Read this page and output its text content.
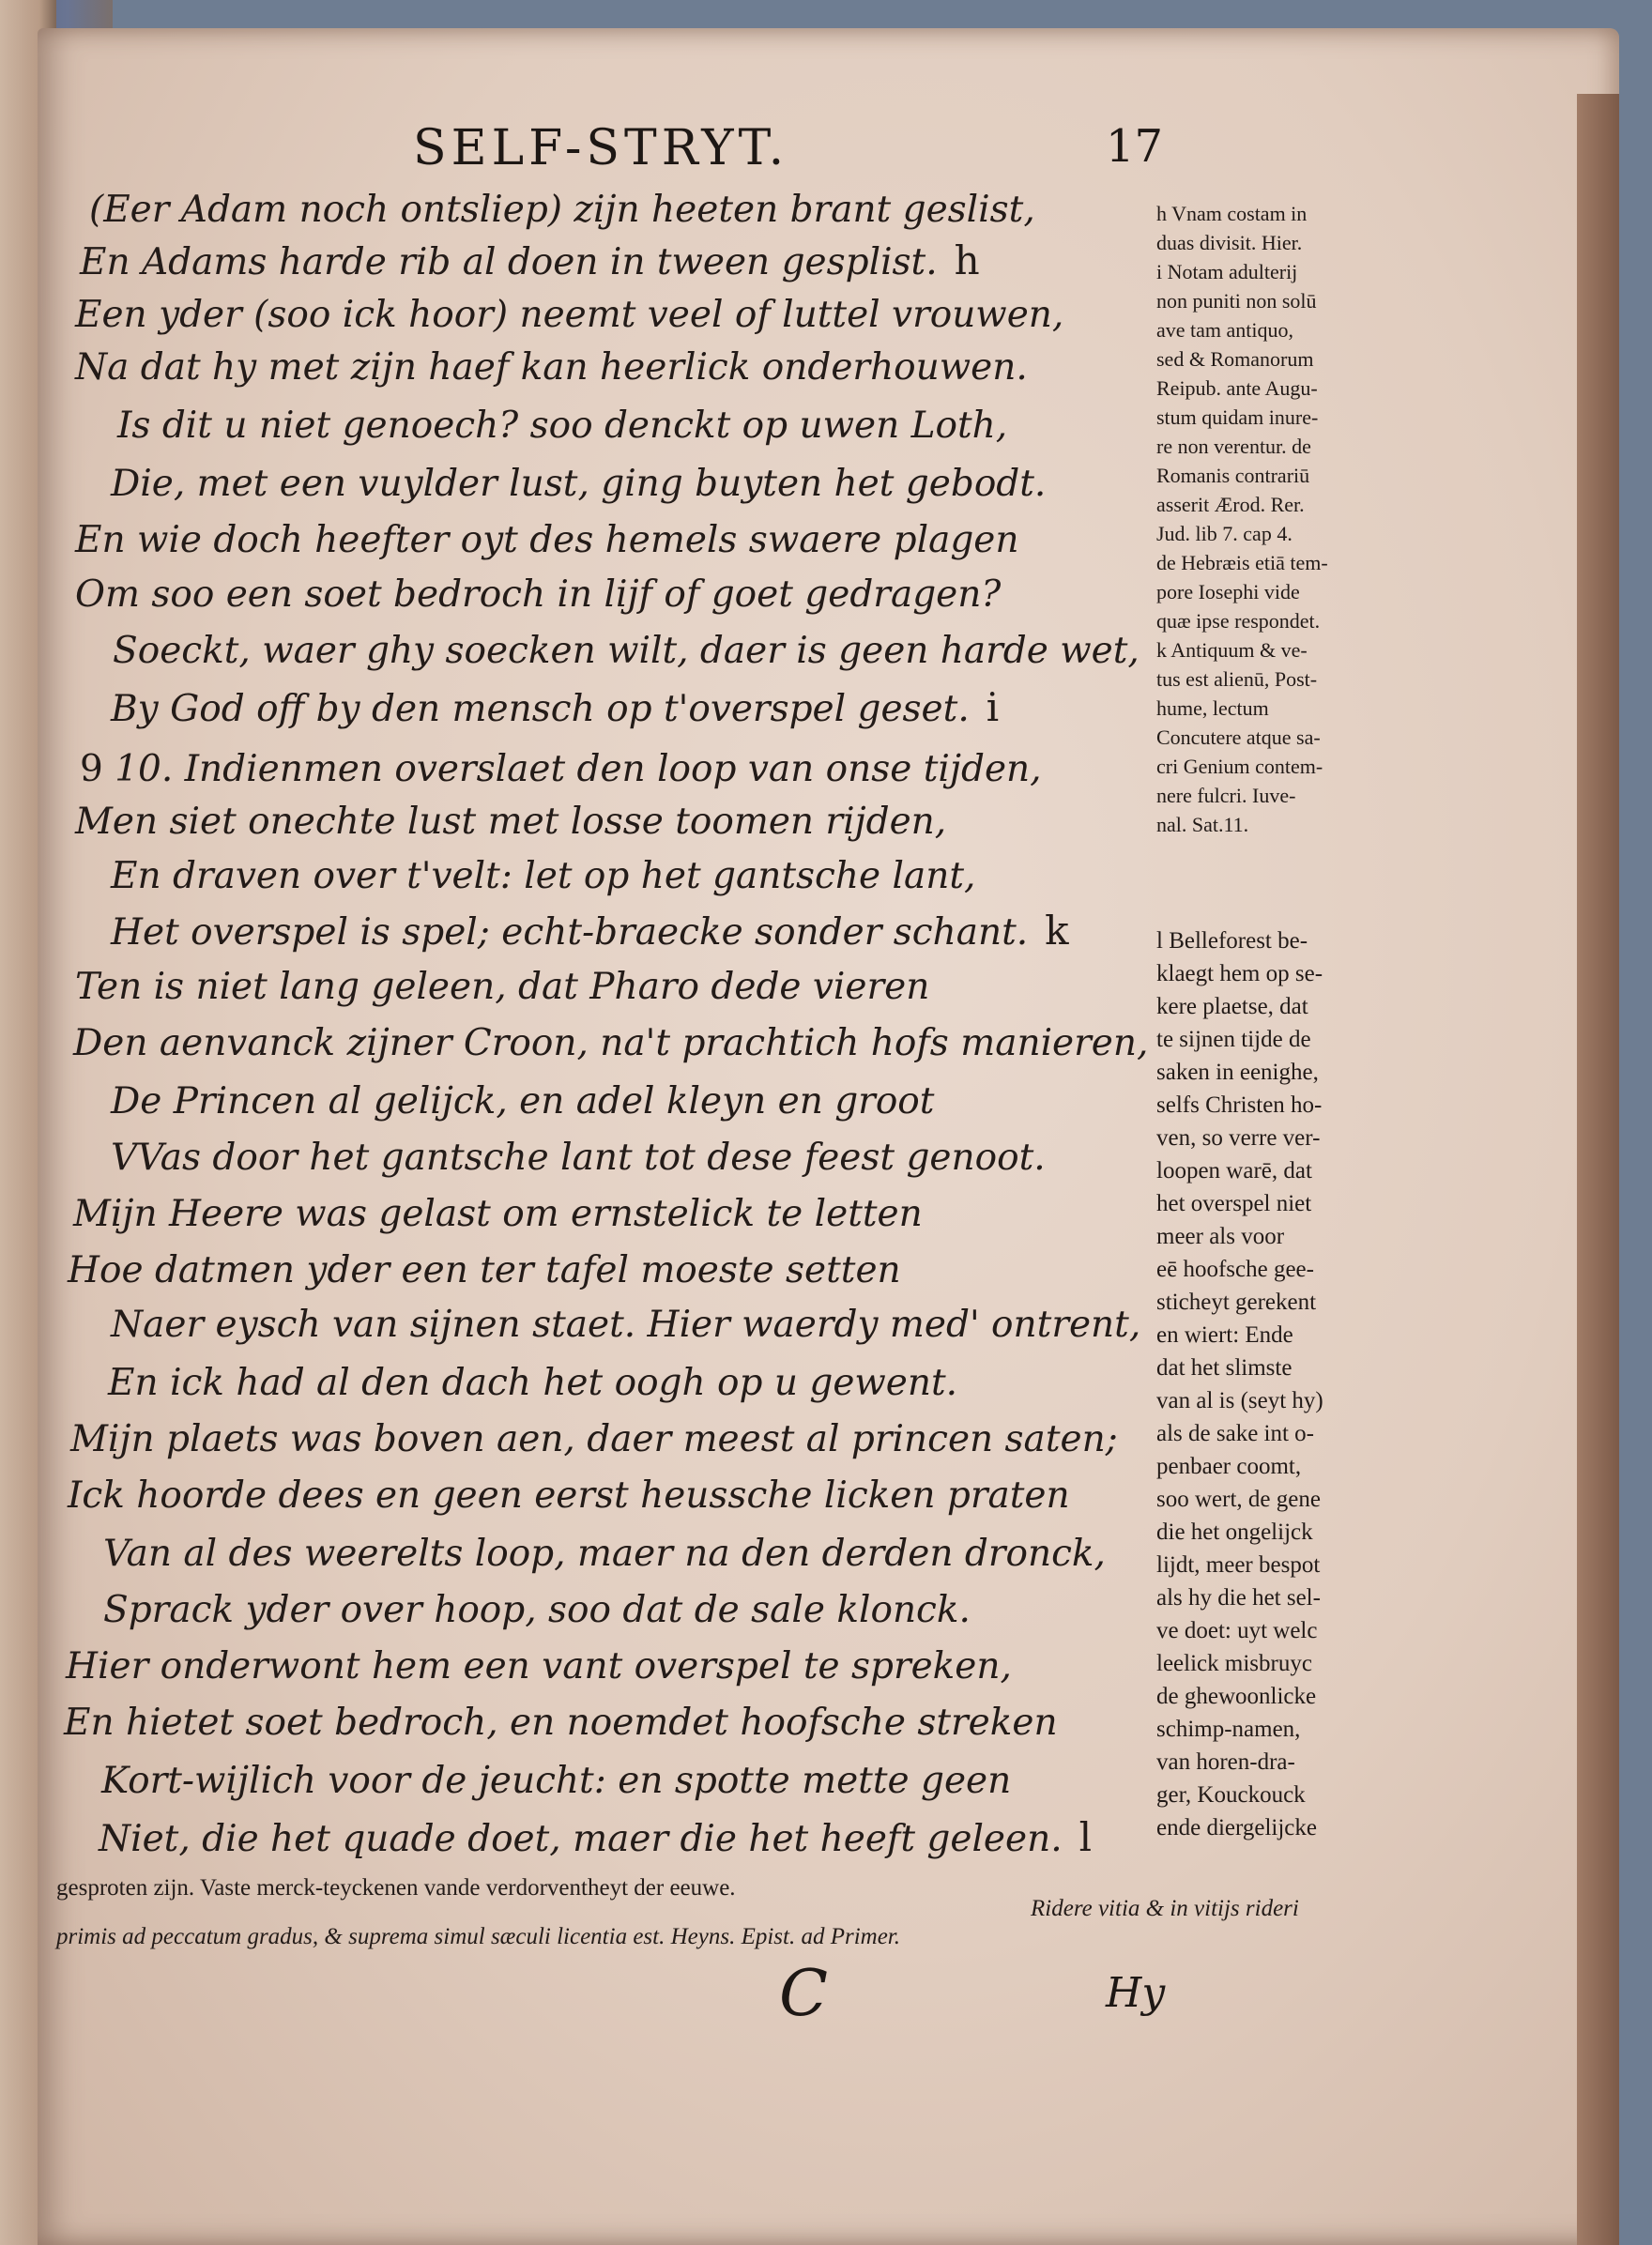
SELF-STRYT.	17
(Eer Adam noch ontsliep) zijn heeten brant geslist,
En Adams harde rib al doen in tween gesplist. h
Een yder (soo ick hoor) neemt veel of luttel vrouwen,
Na dat hy met zijn haef kan heerlick onderhouwen.
Is dit u niet genoech? soo denckt op uwen Loth,
Die, met een vuylder lust, ging buyten het gebodt.
En wie doch heefter oyt des hemels swaere plagen
Om soo een soet bedroch in lijf of goet gedragen?
Soeckt, waer ghy soecken wilt, daer is geen harde wet,
By God off by den mensch op t'overspel geset. i
9 10. Indienmen overslaet den loop van onse tijden,
Men siet onechte lust met losse toomen rijden,
En draven over t'velt: let op het gantsche lant,
Het overspel is spel; echt-braecke sonder schant. k
Ten is niet lang geleen, dat Pharo dede vieren
Den aenvanck zijner Croon, na't prachtich hofs manieren,
De Princen al gelijck, en adel kleyn en groot
VVas door het gantsche lant tot dese feest genoot.
Mijn Heere was gelast om ernstelick te letten
Hoe datmen yder een ter tafel moeste setten
Naer eysch van sijnen staet. Hier waerdy med' ontrent,
En ick had al den dach het oogh op u gewent.
Mijn plaets was boven aen, daer meest al princen saten;
Ick hoorde dees en geen eerst heussche licken praten
Van al des weerelts loop, maer na den derden dronck,
Sprack yder over hoop, soo dat de sale klonck.
Hier onderwont hem een vant overspel te spreken,
En hietet soet bedroch, en noemdet hoofsche streken
Kort-wijlich voor de jeucht: en spotte mette geen
Niet, die het quade doet, maer die het heeft geleen. l
h Vnam costam in
duas divisit. Hier.
i Notam adulterij
non puniti non solū
ave tam antiquo,
sed & Romanorum
Reipub. ante Augu-
stum quidam inure-
re non verentur. de
Romanis contrariū
asserit Ærod. Rer.
Jud. lib 7. cap 4.
de Hebræis etiā tem-
pore Iosephi vide
quæ ipse respondet.
k Antiquum & ve-
tus est alienū, Post-
hume, lectum
Concutere atque sa-
cri Genium contem-
nere fulcri. Iuve-
nal. Sat.11.
l Belleforest be-
klaegt hem op se-
kere plaetse, dat
te sijnen tijde de
saken in eenighe,
selfs Christen ho-
ven, so verre ver-
loopen warē, dat
het overspel niet
meer als voor
eē hoofsche gee-
sticheyt gerekent
en wiert: Ende
dat het slimste
van al is (seyt hy)
als de sake int o-
penbaer coomt,
soo wert, de gene
die het ongelijck
lijdt, meer bespot
als hy die het sel-
ve doet: uyt welc
leelick misbruyc
de ghewoonlicke
schimp-namen,
van horen-dra-
ger, Kouckouck
ende diergelijcke
gesproten zijn. Vaste merck-teyckenen vande verdorventheyt der eeuwe.
Ridere vitia & in vitijs rideri
primis ad peccatum gradus, & suprema simul sæculi licentia est. Heyns. Epist. ad Primer.
C	Hy
